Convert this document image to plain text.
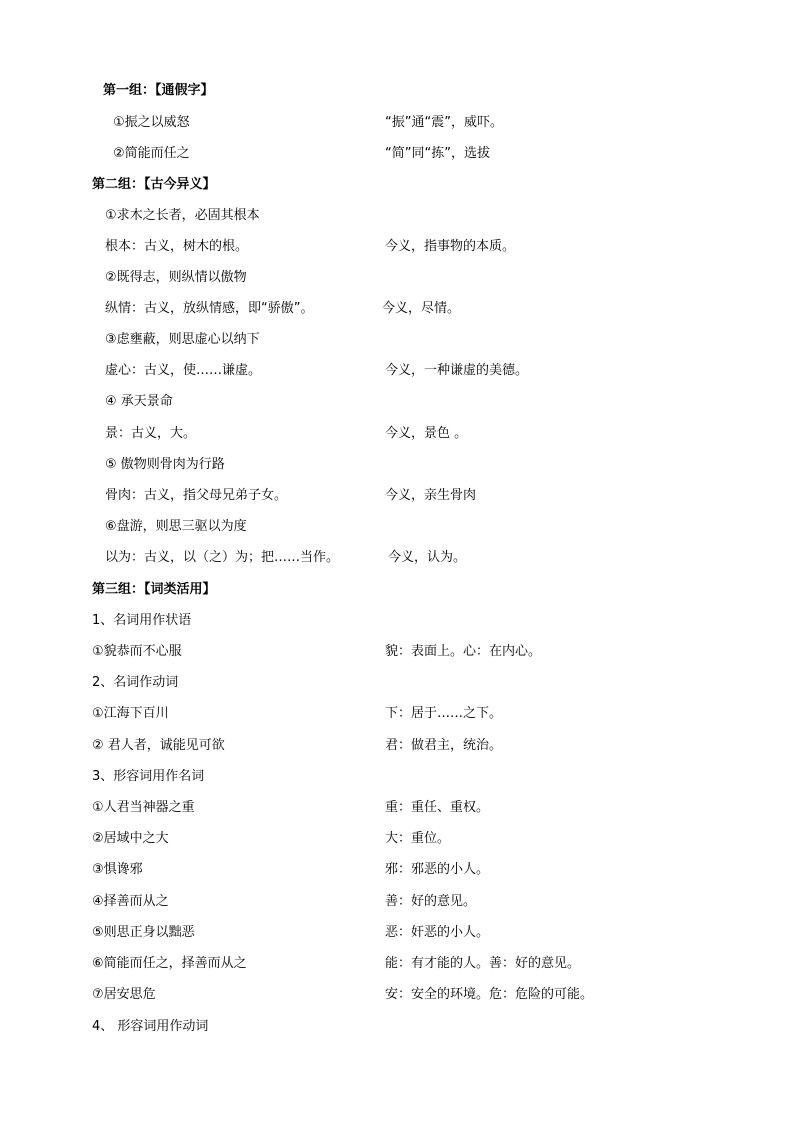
第一组：【通假字】
①振之以威怒	“振”通“震”，威吓。
②简能而任之	“简”同“拣”，选拔
第二组：【古今异义】
①求木之长者，必固其根本
根本：古义，树木的根。	今义，指事物的本质。
②既得志，则纵情以傲物
纵情：古义，放纵情感，即“骄傲”。	今义，尽情。
③虑壅蔽，则思虚心以纳下
虚心：古义，使……谦虚。	今义，一种谦虚的美德。
④ 承天景命
景：古义，大。	今义，景色 。
⑤ 傲物则骨肉为行路
骨肉：古义，指父母兄弟子女。	今义，亲生骨肉
⑥盘游，则思三驱以为度
以为：古义，以（之）为；把……当作。	今义，认为。
第三组：【词类活用】
1、名词用作状语
①貌恭而不心服	貌：表面上。心：在内心。
2、名词作动词
①江海下百川	下：居于……之下。
② 君人者，诚能见可欲	君：做君主，统治。
3、形容词用作名词
①人君当神器之重	重：重任、重权。
②居域中之大	大：重位。
③惧谗邪	邪：邪恶的小人。
④择善而从之	善：好的意见。
⑤则思正身以黜恶	恶：奸恶的小人。
⑥简能而任之，择善而从之	能：有才能的人。善：好的意见。
⑦居安思危	安：安全的环境。危：危险的可能。
4、 形容词用作动词
